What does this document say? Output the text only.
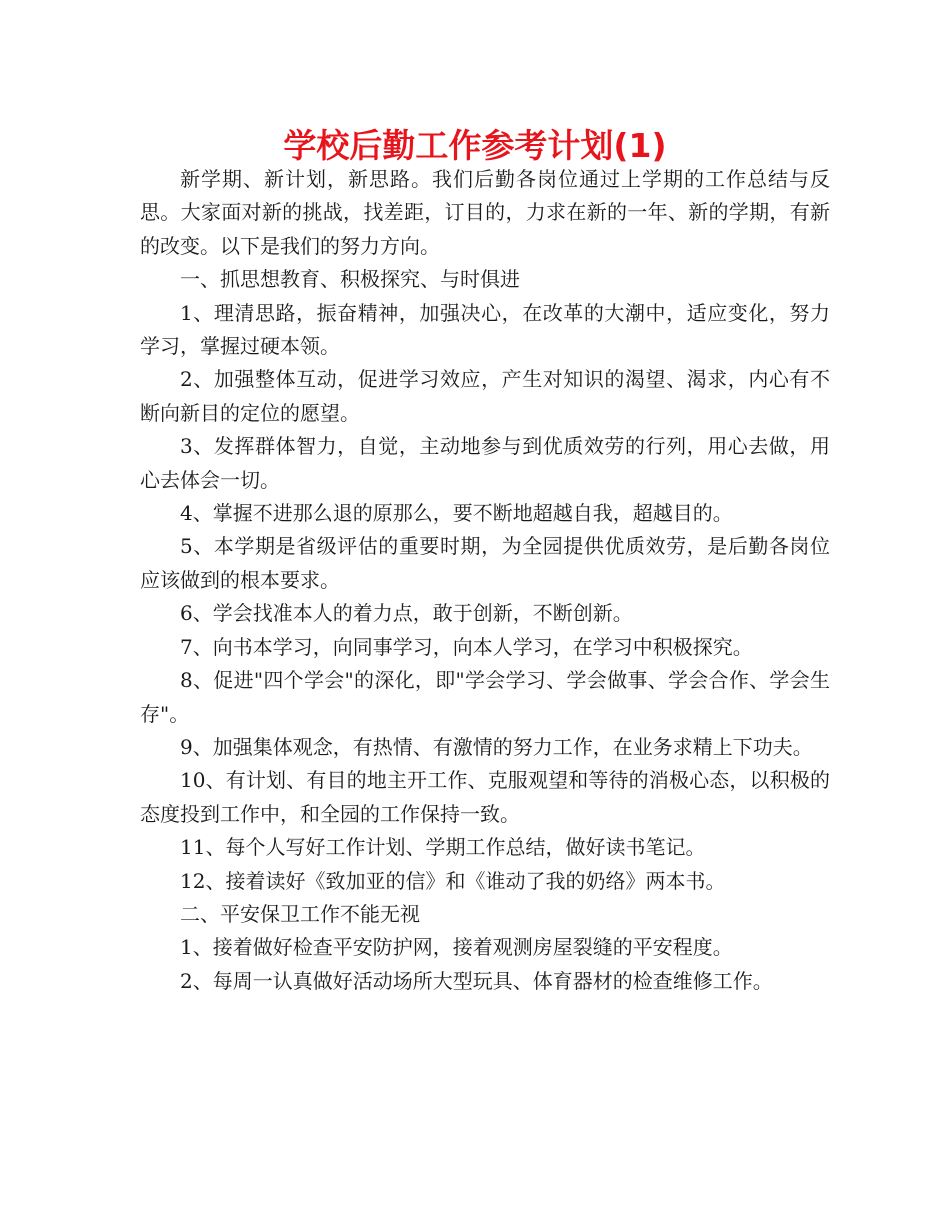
学校后勤工作参考计划(1)

新学期、新计划，新思路。我们后勤各岗位通过上学期的工作总结与反思。大家面对新的挑战，找差距，订目的，力求在新的一年、新的学期，有新的改变。以下是我们的努力方向。

一、抓思想教育、积极探究、与时俱进

1、理清思路，振奋精神，加强决心，在改革的大潮中，适应变化，努力学习，掌握过硬本领。

2、加强整体互动，促进学习效应，产生对知识的渴望、渴求，内心有不断向新目的定位的愿望。

3、发挥群体智力，自觉，主动地参与到优质效劳的行列，用心去做，用心去体会一切。

4、掌握不进那么退的原那么，要不断地超越自我，超越目的。

5、本学期是省级评估的重要时期，为全园提供优质效劳，是后勤各岗位应该做到的根本要求。

6、学会找准本人的着力点，敢于创新，不断创新。

7、向书本学习，向同事学习，向本人学习，在学习中积极探究。

8、促进"四个学会"的深化，即"学会学习、学会做事、学会合作、学会生存"。

9、加强集体观念，有热情、有激情的努力工作，在业务求精上下功夫。

10、有计划、有目的地主开工作、克服观望和等待的消极心态，以积极的态度投到工作中，和全园的工作保持一致。

11、每个人写好工作计划、学期工作总结，做好读书笔记。

12、接着读好《致加亚的信》和《谁动了我的奶络》两本书。

二、平安保卫工作不能无视

1、接着做好检查平安防护网，接着观测房屋裂缝的平安程度。

2、每周一认真做好活动场所大型玩具、体育器材的检查维修工作。
